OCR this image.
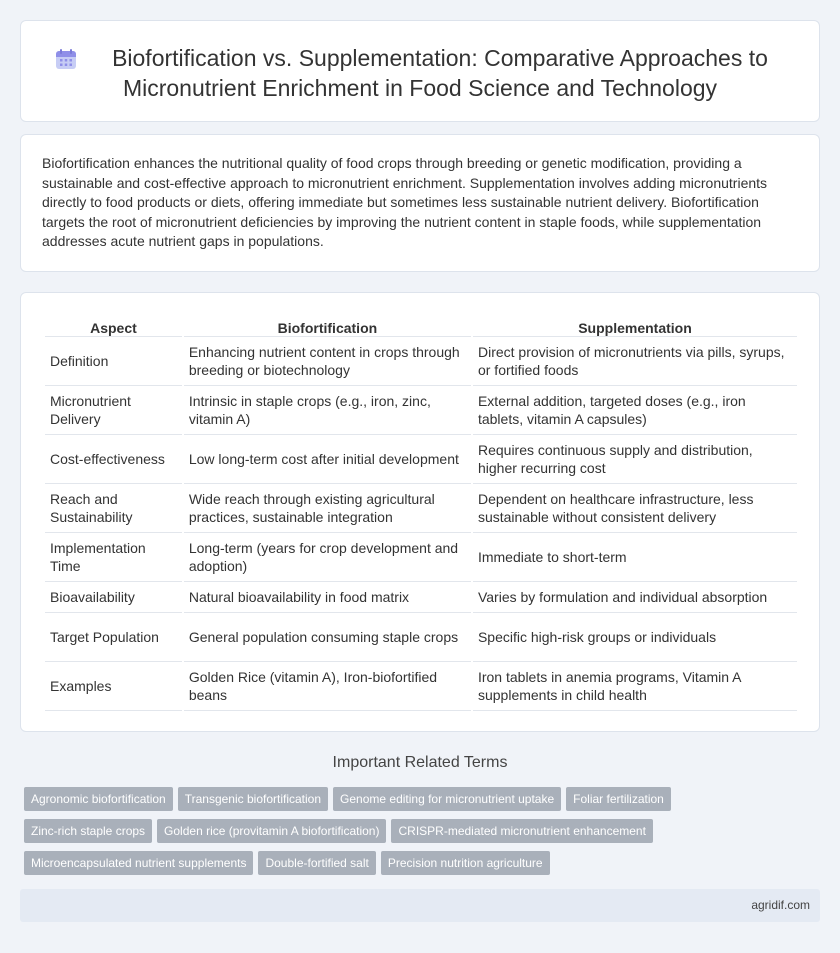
Biofortification vs. Supplementation: Comparative Approaches to
Micronutrient Enrichment in Food Science and Technology

Biofortification enhances the nutritional quality of food crops through breeding or genetic modification, providing a sustainable and cost-effective approach to micronutrient enrichment. Supplementation involves adding micronutrients directly to food products or diets, offering immediate but sometimes less sustainable nutrient delivery. Biofortification targets the root of micronutrient deficiencies by improving the nutrient content in staple foods, while supplementation addresses acute nutrient gaps in populations.

Aspect	Biofortification	Supplementation
Definition	Enhancing nutrient content in crops through breeding or biotechnology	Direct provision of micronutrients via pills, syrups, or fortified foods
Micronutrient Delivery	Intrinsic in staple crops (e.g., iron, zinc, vitamin A)	External addition, targeted doses (e.g., iron tablets, vitamin A capsules)
Cost-effectiveness	Low long-term cost after initial development	Requires continuous supply and distribution, higher recurring cost
Reach and Sustainability	Wide reach through existing agricultural practices, sustainable integration	Dependent on healthcare infrastructure, less sustainable without consistent delivery
Implementation Time	Long-term (years for crop development and adoption)	Immediate to short-term
Bioavailability	Natural bioavailability in food matrix	Varies by formulation and individual absorption
Target Population	General population consuming staple crops	Specific high-risk groups or individuals
Examples	Golden Rice (vitamin A), Iron-biofortified beans	Iron tablets in anemia programs, Vitamin A supplements in child health
Important Related Terms
Agronomic biofortification Transgenic biofortification Genome editing for micronutrient uptake Foliar fertilization
Zinc-rich staple crops Golden rice (provitamin A biofortification) CRISPR-mediated micronutrient enhancement
Microencapsulated nutrient supplements Double-fortified salt Precision nutrition agriculture
agridif.com
